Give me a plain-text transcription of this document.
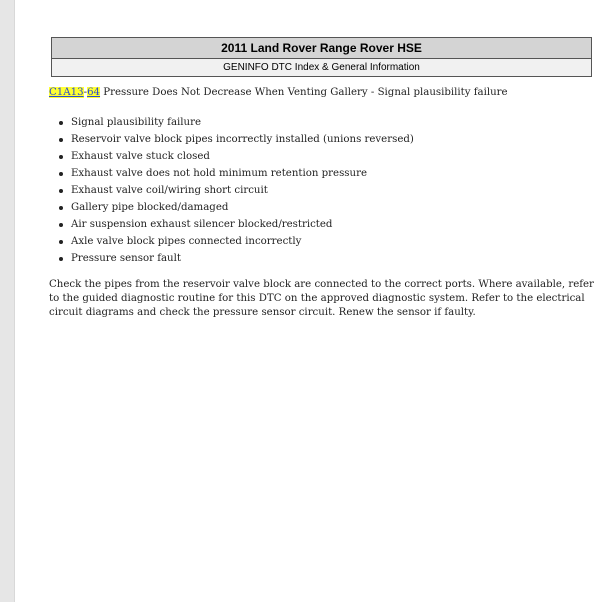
2011 Land Rover Range Rover HSE
GENINFO DTC Index & General Information
C1A13-64 Pressure Does Not Decrease When Venting Gallery - Signal plausibility failure
Signal plausibility failure
Reservoir valve block pipes incorrectly installed (unions reversed)
Exhaust valve stuck closed
Exhaust valve does not hold minimum retention pressure
Exhaust valve coil/wiring short circuit
Gallery pipe blocked/damaged
Air suspension exhaust silencer blocked/restricted
Axle valve block pipes connected incorrectly
Pressure sensor fault
Check the pipes from the reservoir valve block are connected to the correct ports. Where available, refer to the guided diagnostic routine for this DTC on the approved diagnostic system. Refer to the electrical circuit diagrams and check the pressure sensor circuit. Renew the sensor if faulty.
